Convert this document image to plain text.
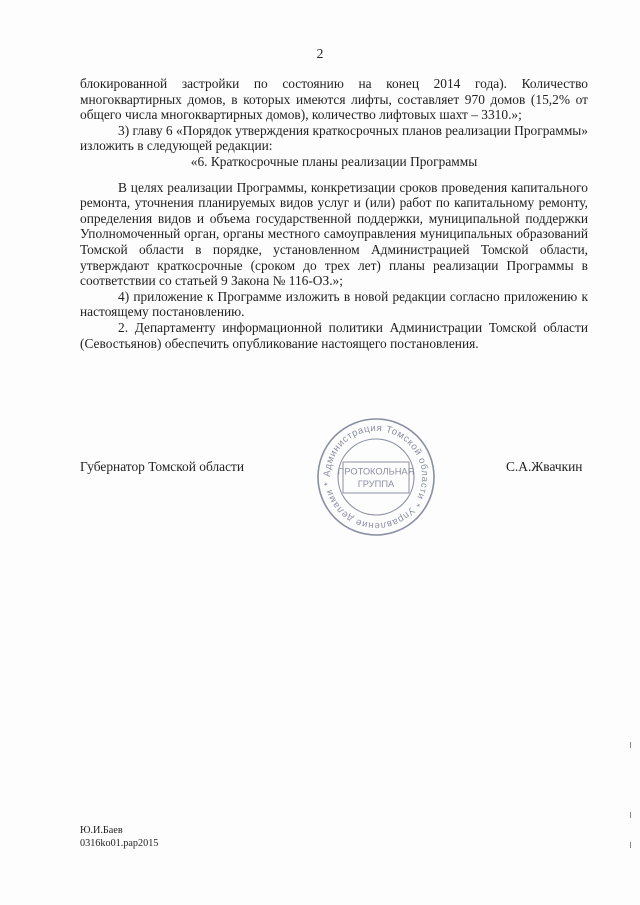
2

блокированной застройки по состоянию на конец 2014 года). Количество многоквартирных домов, в которых имеются лифты, составляет 970 домов (15,2% от общего числа многоквартирных домов), количество лифтовых шахт – 3310.»;

3) главу 6 «Порядок утверждения краткосрочных планов реализации Программы» изложить в следующей редакции:

«6. Краткосрочные планы реализации Программы

В целях реализации Программы, конкретизации сроков проведения капитального ремонта, уточнения планируемых видов услуг и (или) работ по капитальному ремонту, определения видов и объема государственной поддержки, муниципальной поддержки Уполномоченный орган, органы местного самоуправления муниципальных образований Томской области в порядке, установленном Администрацией Томской области, утверждают краткосрочные (сроком до трех лет) планы реализации Программы в соответствии со статьей 9 Закона № 116-ОЗ.»;

4) приложение к Программе изложить в новой редакции согласно приложению к настоящему постановлению.

2. Департаменту информационной политики Администрации Томской области (Севостьянов) обеспечить опубликование настоящего постановления.

Губернатор Томской области	С.А.Жвачкин
Администрация Томской области * Управление делами *
ПРОТОКОЛЬНАЯ
ГРУППА
Ю.И.Баев
0316ko01.pap2015
